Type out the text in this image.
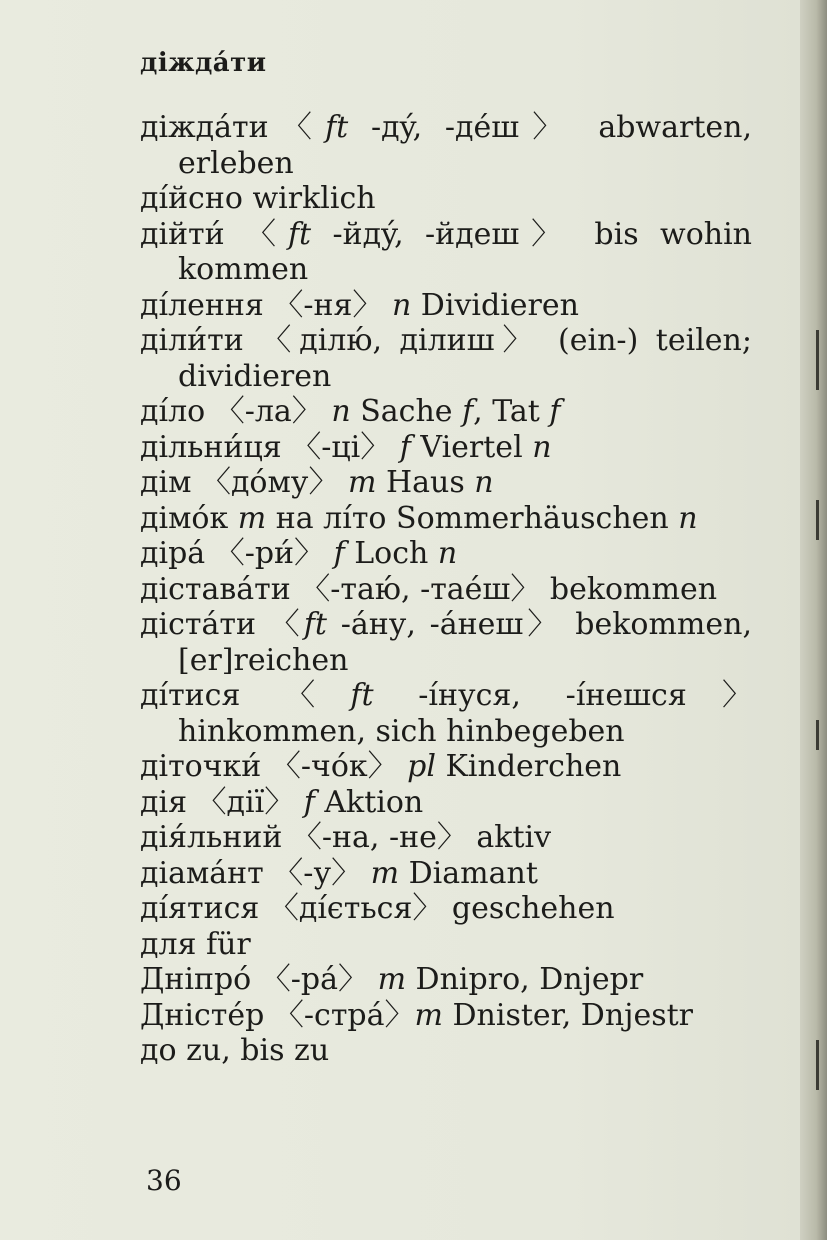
діждáти
діждáти〈ft -дý, -дéш〉 abwarten, erleben
дíйсно wirklich
дійти́ 〈ft -йдý, -йдеш〉 bis wohin kommen
дíлення 〈-ня〉 n Dividieren
діли́ти 〈ділю́, ділиш〉 (ein-) teilen; dividieren
дíло 〈-ла〉 n Sache f, Tat f
дільни́ця 〈-ці〉 f Viertel n
дім 〈дóму〉 m Haus n
дімóк m на лíто Sommerhäuschen n
дірá 〈-ри́〉 f Loch n
діставáти 〈-таю́, -таéш〉 bekommen
дістáти 〈ft -áну, -áнеш〉 bekommen, [er]reichen
дíтися 〈ft -íнуся, -íнешся〉 hinkommen, sich hinbegeben
діточки́ 〈-чóк〉 pl Kinderchen
дія 〈дії〉 f Aktion
дія́льний 〈-на, -не〉 aktiv
діамáнт 〈-у〉 m Diamant
дíятися 〈дíється〉 geschehen
для für
Дніпрó 〈-рá〉 m Dnipro, Dnjepr
Дністéр 〈-стрá〉m Dnister, Dnjestr
до zu, bis zu
36
